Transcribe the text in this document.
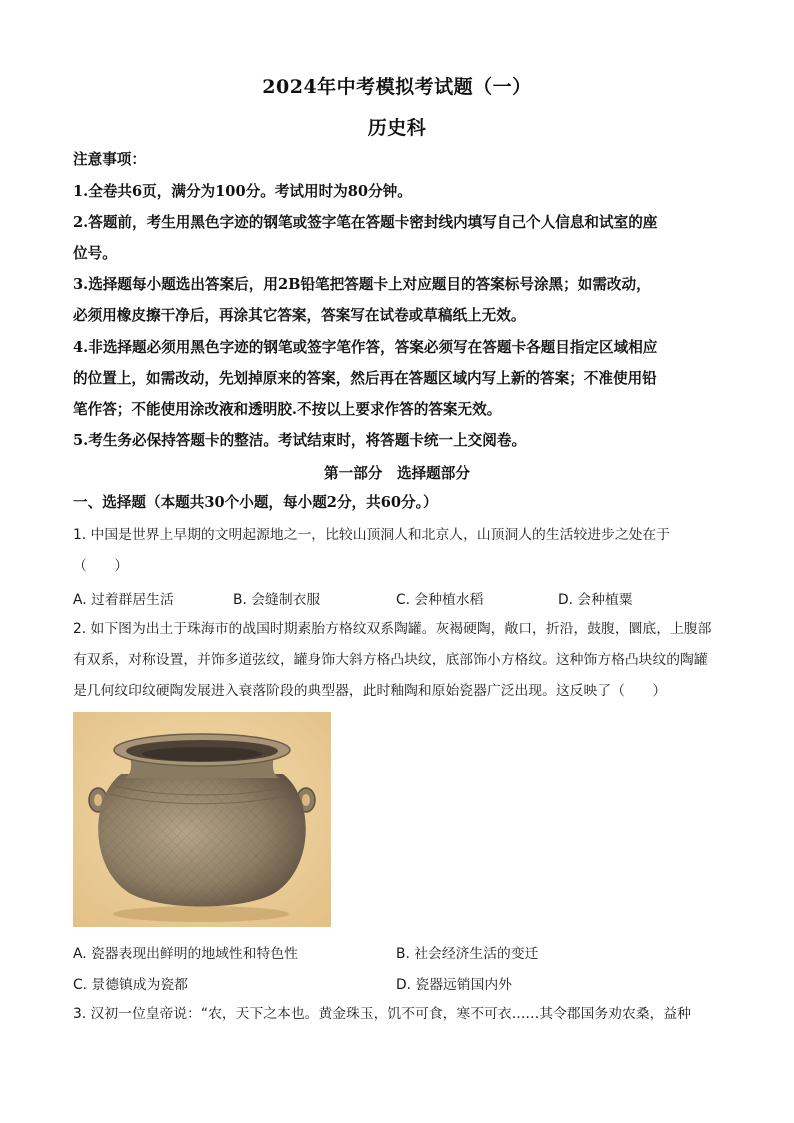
2024年中考模拟考试题（一）
历史科
注意事项：
1.全卷共6页，满分为100分。考试用时为80分钟。
2.答题前，考生用黑色字迹的钢笔或签字笔在答题卡密封线内填写自己个人信息和试室的座
位号。
3.选择题每小题选出答案后，用2B铅笔把答题卡上对应题目的答案标号涂黑；如需改动，
必须用橡皮擦干净后，再涂其它答案，答案写在试卷或草稿纸上无效。
4.非选择题必须用黑色字迹的钢笔或签字笔作答，答案必须写在答题卡各题目指定区域相应
的位置上，如需改动，先划掉原来的答案，然后再在答题区域内写上新的答案；不准使用铅
笔作答；不能使用涂改液和透明胶.不按以上要求作答的答案无效。
5.考生务必保持答题卡的整洁。考试结束时，将答题卡统一上交阅卷。
第一部分　选择题部分
一、选择题（本题共30个小题，每小题2分，共60分。）
1. 中国是世界上早期的文明起源地之一，比较山顶洞人和北京人，山顶洞人的生活较进步之处在于
（　　）
A. 过着群居生活	B. 会缝制衣服	C. 会种植水稻	D. 会种植粟
2. 如下图为出土于珠海市的战国时期素胎方格纹双系陶罐。灰褐硬陶，敞口，折沿，鼓腹，圜底，上腹部
有双系，对称设置，并饰多道弦纹，罐身饰大斜方格凸块纹，底部饰小方格纹。这种饰方格凸块纹的陶罐
是几何纹印纹硬陶发展进入衰落阶段的典型器，此时釉陶和原始瓷器广泛出现。这反映了（　　）
A. 瓷器表现出鲜明的地域性和特色性	B. 社会经济生活的变迁
C. 景德镇成为瓷都	D. 瓷器远销国内外
3. 汉初一位皇帝说：“农，天下之本也。黄金珠玉，饥不可食，寒不可衣……其令郡国务劝农桑，益种
